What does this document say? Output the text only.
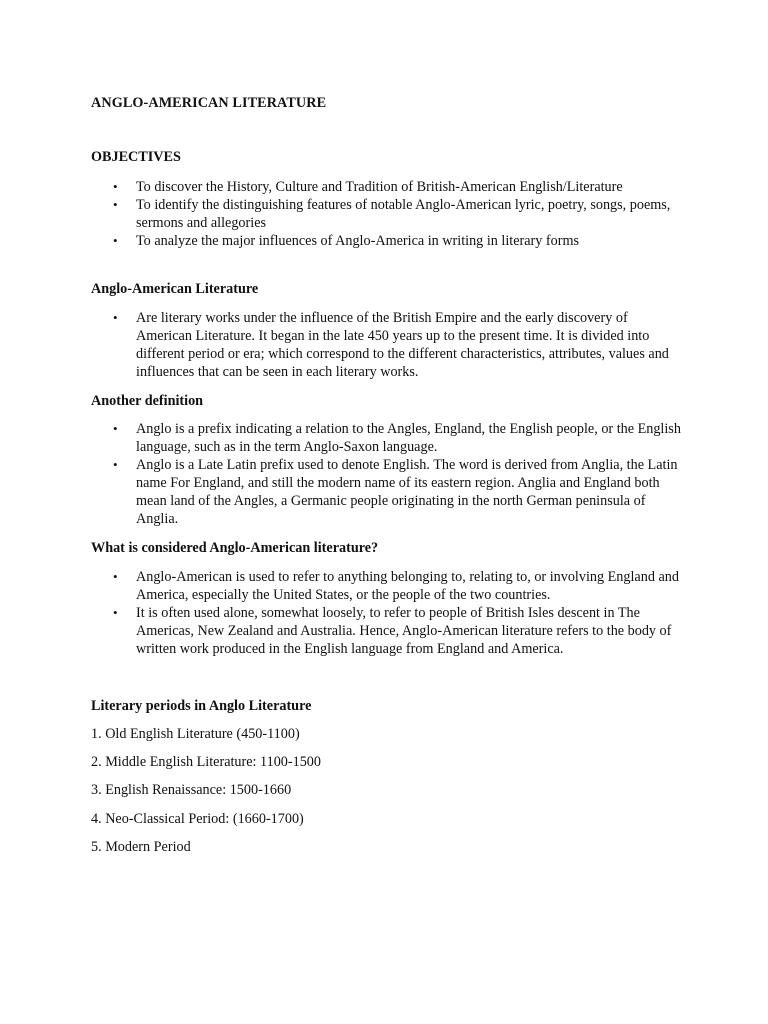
ANGLO-AMERICAN LITERATURE
OBJECTIVES
• To discover the History, Culture and Tradition of British-American English/Literature
• To identify the distinguishing features of notable Anglo-American lyric, poetry, songs, poems, sermons and allegories
• To analyze the major influences of Anglo-America in writing in literary forms
Anglo-American Literature
• Are literary works under the influence of the British Empire and the early discovery of American Literature. It began in the late 450 years up to the present time. It is divided into different period or era; which correspond to the different characteristics, attributes, values and influences that can be seen in each literary works.
Another definition
• Anglo is a prefix indicating a relation to the Angles, England, the English people, or the English language, such as in the term Anglo-Saxon language.
• Anglo is a Late Latin prefix used to denote English. The word is derived from Anglia, the Latin name For England, and still the modern name of its eastern region. Anglia and England both mean land of the Angles, a Germanic people originating in the north German peninsula of Anglia.
What is considered Anglo-American literature?
• Anglo-American is used to refer to anything belonging to, relating to, or involving England and America, especially the United States, or the people of the two countries.
• It is often used alone, somewhat loosely, to refer to people of British Isles descent in The Americas, New Zealand and Australia. Hence, Anglo-American literature refers to the body of written work produced in the English language from England and America.
Literary periods in Anglo Literature
1. Old English Literature (450-1100)
2. Middle English Literature: 1100-1500
3. English Renaissance: 1500-1660
4. Neo-Classical Period: (1660-1700)
5. Modern Period
